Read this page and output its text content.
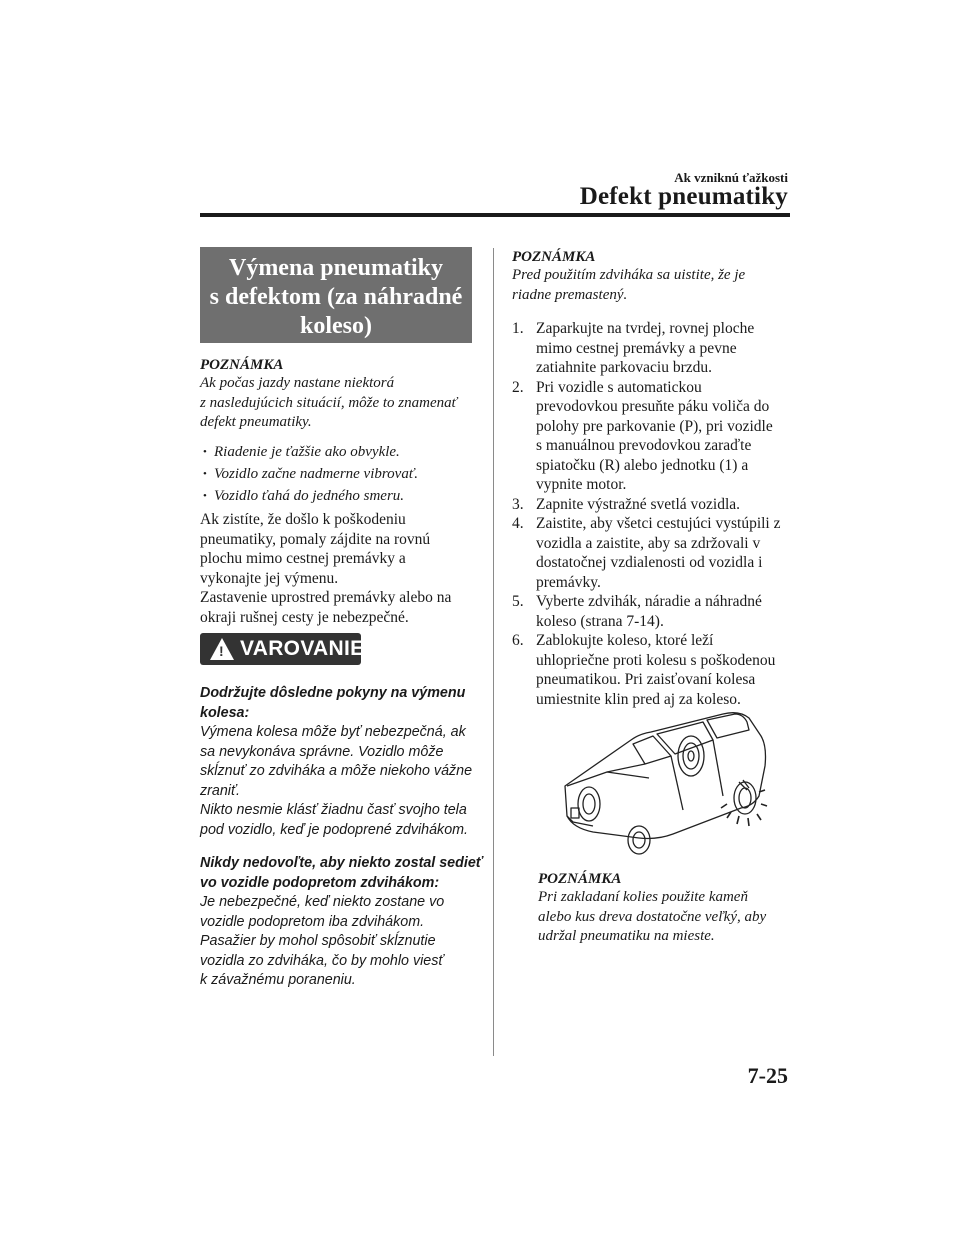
Ak vzniknú ťažkosti
Defekt pneumatiky
Výmena pneumatiky
s defektom (za náhradné
koleso)
POZNÁMKA
Ak počas jazdy nastane niektorá
z nasledujúcich situácií, môže to znamenať
defekt pneumatiky.
• Riadenie je ťažšie ako obvykle.
• Vozidlo začne nadmerne vibrovať.
• Vozidlo ťahá do jedného smeru.
Ak zistíte, že došlo k poškodeniu
pneumatiky, pomaly zájdite na rovnú
plochu mimo cestnej premávky a
vykonajte jej výmenu.
Zastavenie uprostred premávky alebo na
okraji rušnej cesty je nebezpečné.
!
VAROVANIE
Dodržujte dôsledne pokyny na výmenu
kolesa:
Výmena kolesa môže byť nebezpečná, ak
sa nevykonáva správne. Vozidlo môže
skĺznuť zo zdviháka a môže niekoho vážne
zraniť.
Nikto nesmie klásť žiadnu časť svojho tela
pod vozidlo, keď je podoprené zdvihákom.
Nikdy nedovoľte, aby niekto zostal sedieť
vo vozidle podopretom zdvihákom:
Je nebezpečné, keď niekto zostane vo
vozidle podopretom iba zdvihákom.
Pasažier by mohol spôsobiť skĺznutie
vozidla zo zdviháka, čo by mohlo viesť
k závažnému poraneniu.
POZNÁMKA
Pred použitím zdviháka sa uistite, že je
riadne premastený.
1. Zaparkujte na tvrdej, rovnej ploche
mimo cestnej premávky a pevne
zatiahnite parkovaciu brzdu.
2. Pri vozidle s automatickou
prevodovkou presuňte páku voliča do
polohy pre parkovanie (P), pri vozidle
s manuálnou prevodovkou zaraďte
spiatočku (R) alebo jednotku (1) a
vypnite motor.
3. Zapnite výstražné svetlá vozidla.
4. Zaistite, aby všetci cestujúci vystúpili z
vozidla a zaistite, aby sa zdržovali v
dostatočnej vzdialenosti od vozidla i
premávky.
5. Vyberte zdvihák, náradie a náhradné
koleso (strana 7-14).
6. Zablokujte koleso, ktoré leží
uhlopriečne proti kolesu s poškodenou
pneumatikou. Pri zaisťovaní kolesa
umiestnite klin pred aj za koleso.
POZNÁMKA
Pri zakladaní kolies použite kameň
alebo kus dreva dostatočne veľký, aby
udržal pneumatiku na mieste.
7-25
